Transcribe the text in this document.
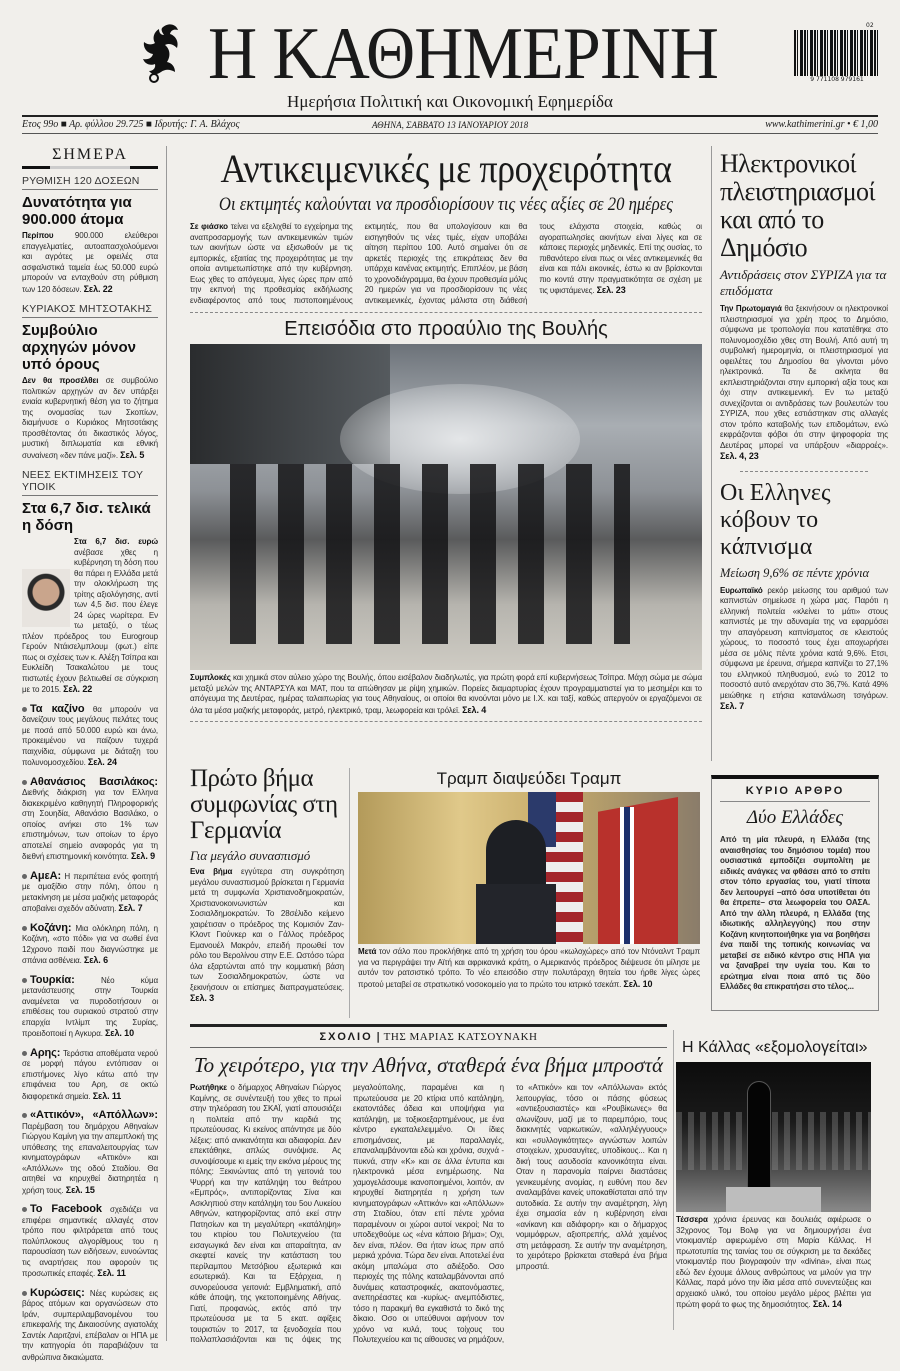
Η ΚΑΘΗΜΕΡΙΝΗ	9 771108 979161
02
Ημερήσια Πολιτική και Οικονομική Εφημερίδα
Ετος 99ο ■ Αρ. φύλλου 29.725 ■ Ιδρυτής: Γ. Α. Βλάχος	ΑΘΗΝΑ, ΣΑΒΒΑΤΟ 13 ΙΑΝΟΥΑΡΙΟΥ 2018	www.kathimerini.gr • € 1,00
ΣΗΜΕΡΑ
ΡΥΘΜΙΣΗ 120 ΔΟΣΕΩΝ
Δυνατότητα για 900.000 άτομα
Περίπου 900.000 ελεύθεροι επαγγελματίες, αυτοαπασχολούμενοι και αγρότες με οφειλές στα ασφαλιστικά ταμεία έως 50.000 ευρώ μπορούν να ενταχθούν στη ρύθμιση των 120 δόσεων. Σελ. 22
ΚΥΡΙΑΚΟΣ ΜΗΤΣΟΤΑΚΗΣ
Συμβούλιο αρχηγών μόνον υπό όρους
Δεν θα προσέλθει σε συμβούλιο πολιτικών αρχηγών αν δεν υπάρξει ενιαία κυβερνητική θέση για το ζήτημα της ονομασίας των Σκοπίων, διαμήνυσε ο Κυριάκος Μητσοτάκης προσθέτοντας ότι δικαστικός λόγος, μυστική διπλωματία και εθνική συναίνεση «δεν πάνε μαζί». Σελ. 5
ΝΕΕΣ ΕΚΤΙΜΗΣΕΙΣ ΤΟΥ ΥΠΟΙΚ
Στα 6,7 δισ. τελικά η δόση
Στα 6,7 δισ. ευρώ ανέβασε χθες η κυβέρνηση τη δόση που θα πάρει η Ελλάδα μετά την ολοκλήρωση της τρίτης αξιολόγησης, αντί των 4,5 δισ. που έλεγε 24 ώρες νωρίτερα. Εν τω μεταξύ, ο τέως πλέον πρόεδρος του Eurogroup Γερούν Ντάισελμπλουμ (φωτ.) είπε πως οι σχέσεις των κ. Αλέξη Τσίπρα και Ευκλείδη Τσακαλώτου με τους πιστωτές έχουν βελτιωθεί σε σύγκριση με το 2015. Σελ. 22
Τα καζίνο θα μπορούν να δανείζουν τους μεγάλους πελάτες τους με ποσά από 50.000 ευρώ και άνω, προκειμένου να παίζουν τυχερά παιχνίδια, σύμφωνα με διάταξη του πολυνομοσχεδίου. Σελ. 24
Αθανάσιος Βασιλάκος: Διεθνής διάκριση για τον Ελληνα διακεκριμένο καθηγητή Πληροφορικής στη Σουηδία, Αθανάσιο Βασιλάκο, ο οποίος ανήκει στο 1% των επιστημόνων, των οποίων το έργο αποτελεί σημείο αναφοράς για τη διεθνή επιστημονική κοινότητα. Σελ. 9
ΑμεΑ: Η περιπέτεια ενός φοιτητή με αμαξίδιο στην πόλη, όπου η μετακίνηση με μέσα μαζικής μεταφοράς αποβαίνει σχεδόν αδύνατη. Σελ. 7
Κοζάνη: Μια ολόκληρη πόλη, η Κοζάνη, «στο πόδι» για να σωθεί ένα 12χρονο παιδί που διαγνώστηκε με σπάνια ασθένεια. Σελ. 6
Τουρκία: Νέο κύμα μετανάστευσης στην Τουρκία αναμένεται να πυροδοτήσουν οι επιθέσεις του συριακού στρατού στην επαρχία Ιντλίμπ της Συρίας, προειδοποιεί η Αγκυρα. Σελ. 10
Αρης: Τεράστια αποθέματα νερού σε μορφή πάγου εντόπισαν οι επιστήμονες λίγο κάτω από την επιφάνεια του Αρη, σε οκτώ διαφορετικά σημεία. Σελ. 11
«Αττικόν», «Απόλλων»: Παρέμβαση του δημάρχου Αθηναίων Γιώργου Καμίνη για την απεμπλοκή της υπόθεσης της επαναλειτουργίας των κινηματογράφων «Αττικόν» και «Απόλλων» της οδού Σταδίου. Θα αιτηθεί να κηρυχθεί διατηρητέα η χρήση τους. Σελ. 15
Το Facebook σχεδιάζει να επιφέρει σημαντικές αλλαγές στον τρόπο που φιλτράρεται από τους πολύπλοκους αλγορίθμους του η παρουσίαση των ειδήσεων, ευνοώντας τις αναρτήσεις που αφορούν τις προσωπικές επαφές. Σελ. 11
Κυρώσεις: Νέες κυρώσεις εις βάρος ατόμων και οργανώσεων στο Ιράν, συμπεριλαμβανομένου του επικεφαλής της Δικαιοσύνης αγιατολάχ Σαντέκ Λαριτζανί, επέβαλαν οι ΗΠΑ με την κατηγορία ότι παραβιάζουν τα ανθρώπινα δικαιώματα.
Αντικειμενικές με προχειρότητα
Οι εκτιμητές καλούνται να προσδιορίσουν τις νέες αξίες σε 20 ημέρες
Σε φιάσκο τείνει να εξελιχθεί το εγχείρημα της αναπροσαρμογής των αντικειμενικών τιμών των ακινήτων ώστε να εξισωθούν με τις εμπορικές, εξαιτίας της προχειρότητας με την οποία αντιμετωπίστηκε από την κυβέρνηση. Εως χθες το απόγευμα, λίγες ώρες πριν από την εκπνοή της προθεσμίας εκδήλωσης ενδιαφέροντος από τους πιστοποιημένους εκτιμητές, που θα υπολογίσουν και θα εισηγηθούν τις νέες τιμές, είχαν υποβάλει αίτηση περίπου 100. Αυτό σημαίνει ότι σε αρκετές περιοχές της επικράτειας δεν θα υπάρχει κανένας εκτιμητής. Επιπλέον, με βάση το χρονοδιάγραμμα, θα έχουν προθεσμία μόλις 20 ημερών για να προσδιορίσουν τις νέες αντικειμενικές, έχοντας μάλιστα στη διάθεσή τους ελάχιστα στοιχεία, καθώς οι αγοραπωλησίες ακινήτων είναι λίγες και σε κάποιες περιοχές μηδενικές. Επί της ουσίας, το πιθανότερο είναι πως οι νέες αντικειμενικές θα είναι και πάλι εικονικές, έστω κι αν βρίσκονται πιο κοντά στην πραγματικότητα σε σχέση με τις υφιστάμενες. Σελ. 23
Επεισόδια στο προαύλιο της Βουλής
Συμπλοκές και χημικά στον αύλειο χώρο της Βουλής, όπου εισέβαλον διαδηλωτές, για πρώτη φορά επί κυβερνήσεως Τσίπρα. Μάχη σώμα με σώμα μεταξύ μελών της ΑΝΤΑΡΣΥΑ και ΜΑΤ, που τα απώθησαν με ρίψη χημικών. Πορείες διαμαρτυρίας έχουν προγραμματιστεί για το μεσημέρι και το απόγευμα της Δευτέρας, ημέρας ταλαιπωρίας για τους Αθηναίους, οι οποίοι θα κινούνται μόνο με Ι.Χ. και ταξί, καθώς απεργούν οι εργαζόμενοι σε όλα τα μέσα μαζικής μεταφοράς, μετρό, ηλεκτρικό, τραμ, λεωφορεία και τρόλεϊ. Σελ. 4
Πρώτο βήμα συμφωνίας στη Γερμανία
Για μεγάλο συνασπισμό
Ενα βήμα εγγύτερα στη συγκρότηση μεγάλου συνασπισμού βρίσκεται η Γερμανία μετά τη συμφωνία Χριστιανοδημοκρατών, Χριστιανοκοινωνιστών και Σοσιαλδημοκρατών. Το 28σέλιδο κείμενο χαιρέτισαν ο πρόεδρος της Κομισιόν Ζαν-Κλοντ Γιούνκερ και ο Γάλλος πρόεδρος Εμανουέλ Μακρόν, επειδή προωθεί τον ρόλο του Βερολίνου στην Ε.Ε. Ωστόσο τώρα όλα εξαρτώνται από την κομματική βάση των Σοσιαλδημοκρατών, ώστε να ξεκινήσουν οι επίσημες διαπραγματεύσεις. Σελ. 3
Τραμπ διαψεύδει Τραμπ
Μετά τον σάλο που προκλήθηκε από τη χρήση του όρου «κωλοχώρες» από τον Ντόναλντ Τραμπ για να περιγράψει την Αϊτή και αφρικανικά κράτη, ο Αμερικανός πρόεδρος διέψευσε ότι μίλησε με αυτόν τον ρατσιστικό τρόπο. Το νέο επεισόδιο στην πολυτάραχη θητεία του ήρθε λίγες ώρες προτού μεταβεί σε στρατιωτικό νοσοκομείο για το πρώτο του ιατρικό τσεκάπ. Σελ. 10
Ηλεκτρονικοί πλειστηριασμοί και από το Δημόσιο
Αντιδράσεις στον ΣΥΡΙΖΑ για τα επιδόματα
Την Πρωτομαγιά θα ξεκινήσουν οι ηλεκτρονικοί πλειστηριασμοί για χρέη προς το Δημόσιο, σύμφωνα με τροπολογία που κατατέθηκε στο πολυνομοσχέδιο χθες στη Βουλή. Από αυτή τη συμβολική ημερομηνία, οι πλειστηριασμοί για οφειλέτες του Δημοσίου θα γίνονται μόνο ηλεκτρονικά. Τα δε ακίνητα θα εκπλειστηριάζονται στην εμπορική αξία τους και όχι στην αντικειμενική. Εν τω μεταξύ συνεχίζονται οι αντιδράσεις των βουλευτών του ΣΥΡΙΖΑ, που χθες εστιάστηκαν στις αλλαγές στον τρόπο καταβολής των επιδομάτων, ενώ εκφράζονται φόβοι ότι στην ψηφοφορία της Δευτέρας μπορεί να υπάρξουν «διαρροές». Σελ. 4, 23
Οι Ελληνες κόβουν το κάπνισμα
Μείωση 9,6% σε πέντε χρόνια
Ευρωπαϊκό ρεκόρ μείωσης του αριθμού των καπνιστών σημείωσε η χώρα μας. Παρότι η ελληνική πολιτεία «κλείνει το μάτι» στους καπνιστές με την αδυναμία της να εφαρμόσει την απαγόρευση καπνίσματος σε κλειστούς χώρους, το ποσοστό τους έχει αποχωρήσει μέσα σε μόλις πέντε χρόνια κατά 9,6%. Ετσι, σύμφωνα με έρευνα, σήμερα καπνίζει το 27,1% του ελληνικού πληθυσμού, ενώ το 2012 το ποσοστό αυτό ανερχόταν στο 36,7%. Κατά 49% μειώθηκε η ετήσια κατανάλωση τσιγάρων. Σελ. 7
ΚΥΡΙΟ ΑΡΘΡΟ
Δύο Ελλάδες
Από τη μία πλευρά, η Ελλάδα (της αναισθησίας του δημόσιου τομέα) που ουσιαστικά εμποδίζει συμπολίτη με ειδικές ανάγκες να φθάσει από το σπίτι στον τόπο εργασίας του, γιατί τίποτα δεν λειτουργεί –από όσα υποτίθεται ότι θα έπρεπε– στα λεωφορεία του ΟΑΣΑ. Από την άλλη πλευρά, η Ελλάδα (της ιδιωτικής αλληλεγγύης) που στην Κοζάνη κινητοποιήθηκε για να βοηθήσει ένα παιδί της τοπικής κοινωνίας να μεταβεί σε ειδικό κέντρο στις ΗΠΑ για να ξαναβρεί την υγεία του. Και το ερώτημα είναι ποια από τις δύο Ελλάδες θα επικρατήσει στο τέλος...
ΣΧΟΛΙΟ | ΤΗΣ ΜΑΡΙΑΣ ΚΑΤΣΟΥΝΑΚΗ
Το χειρότερο, για την Αθήνα, σταθερά ένα βήμα μπροστά
Ρωτήθηκε ο δήμαρχος Αθηναίων Γιώργος Καμίνης, σε συνέντευξή του χθες το πρωί στην τηλεόραση του ΣΚΑΪ, γιατί απουσιάζει η πολιτεία από την καρδιά της πρωτεύουσας. Κι εκείνος απάντησε με δύο λέξεις: από ανικανότητα και αδιαφορία. Δεν επεκτάθηκε, απλώς συνόψισε. Ας συνοψίσουμε κι εμείς την εικόνα μέρους της πόλης: Ξεκινώντας από τη γειτονιά του Ψυρρή και την κατάληψη του θεάτρου «Εμπρός», αντιπορίζοντας Σίνα και Ασκληπιού στην κατάληψη του 5ου Λυκείου Αθηνών, κατηφορίζοντας από εκεί στην Πατησίων και τη μεγαλύτερη «κατάληψη» του κτιρίου του Πολυτεχνείου (τα εισαγωγικά δεν είναι και απαραίτητα, αν σκεφτεί κανείς την κατάσταση του περίλαμπου Μετσόβιου εξωτερικά και εσωτερικά). Και τα Εξάρχεια, η συνορεύουσα γειτονιά: Εμβληματική, από κάθε άποψη, της γκετοποιημένης Αθήνας. Γιατί, προφανώς, εκτός από την πρωτεύουσα με τα 5 εκατ. αφίξεις τουριστών το 2017, τα ξενοδοχεία που πολλαπλασιάζονται και τις όψεις της μεγαλούπολης, παραμένει και η πρωτεύουσα με 20 κτίρια υπό κατάληψη, εκατοντάδες άδεια και υποψήφια για κατάληψη, με τοξικοεξαρτημένους, με ένα κέντρο εγκαταλελειμμένο. Οι ίδιες επισημάνσεις, με παραλλαγές, επαναλαμβάνονται εδώ και χρόνια, συχνά - πυκνά, στην «Κ» και σε άλλα έντυπα και ηλεκτρονικά μέσα ενημέρωσης. Να χαμογελάσουμε ικανοποιημένοι, λοιπόν, αν κηρυχθεί διατηρητέα η χρήση των κινηματογράφων «Αττικόν» και «Απόλλων» στη Σταδίου, όταν επί πέντε χρόνια παραμένουν οι χώροι αυτοί νεκροί; Να το υποδεχθούμε ως «ένα κάποιο βήμα»; Οχι, δεν είναι, πλέον. Θα ήταν ίσως πριν από μερικά χρόνια. Τώρα δεν είναι. Αποτελεί ένα ακόμη μπαλώμα στο αδιέξοδο. Οσο περιοχές της πόλης καταλαμβάνονται από δυνάμεις καταστροφικές, ακατονόμαστες, ανεπηρέαστες και -κυρίως- ανεμπόδιστες, τόσο η παρακμή θα εγκαθιστά το δικό της δίκαιο. Οσο οι υπεύθυνοι αφήνουν τον χρόνο να κυλά, τους τοίχους του Πολυτεχνείου και τις αίθουσες να ρημάζουν, το «Αττικόν» και τον «Απόλλωνα» εκτός λειτουργίας, τόσο οι πάσης φύσεως «αντιεξουσιαστές» και «Ρουβίκωνες» θα αλωνίζουν, μαζί με το παρεμπόριο, τους διακινητές ναρκωτικών, «αλληλέγγυους» και «συλλογικότητες» αγνώστων λοιπών στοιχείων, χρυσαυγίτες, υποδίκους... Και η δική τους ασυδοσία κανονικότητα είναι. Οταν η παρανομία παίρνει διαστάσεις γενικευμένης ανομίας, η ευθύνη που δεν αναλαμβάνει κανείς υποκαθίσταται από την αυτοδικία. Σε αυτήν την αναμέτρηση, λίγη έχει σημασία εάν η κυβέρνηση είναι «ανίκανη και αδιάφορη» και ο δήμαρχος νομιμόφρων, αξιοπρεπής, αλλά χαμένος στη μετάφραση. Σε αυτήν την αναμέτρηση, το χειρότερο βρίσκεται σταθερά ένα βήμα μπροστά.
Η Κάλλας «εξομολογείται»
Τέσσερα χρόνια έρευνας και δουλειάς αφιέρωσε ο 32χρονος Τομ Βολφ για να δημιουργήσει ένα ντοκιμαντέρ αφιερωμένο στη Μαρία Κάλλας. Η πρωτοτυπία της ταινίας του σε σύγκριση με τα δεκάδες ντοκιμαντέρ που βιογραφούν την «divina», είναι πως εδώ δεν έχουμε άλλους ανθρώπους να μιλούν για την Κάλλας, παρά μόνο την ίδια μέσα από συνεντεύξεις και αρχειακό υλικό, του οποίου μεγάλο μέρος βλέπει για πρώτη φορά το φως της δημοσιότητος. Σελ. 14
